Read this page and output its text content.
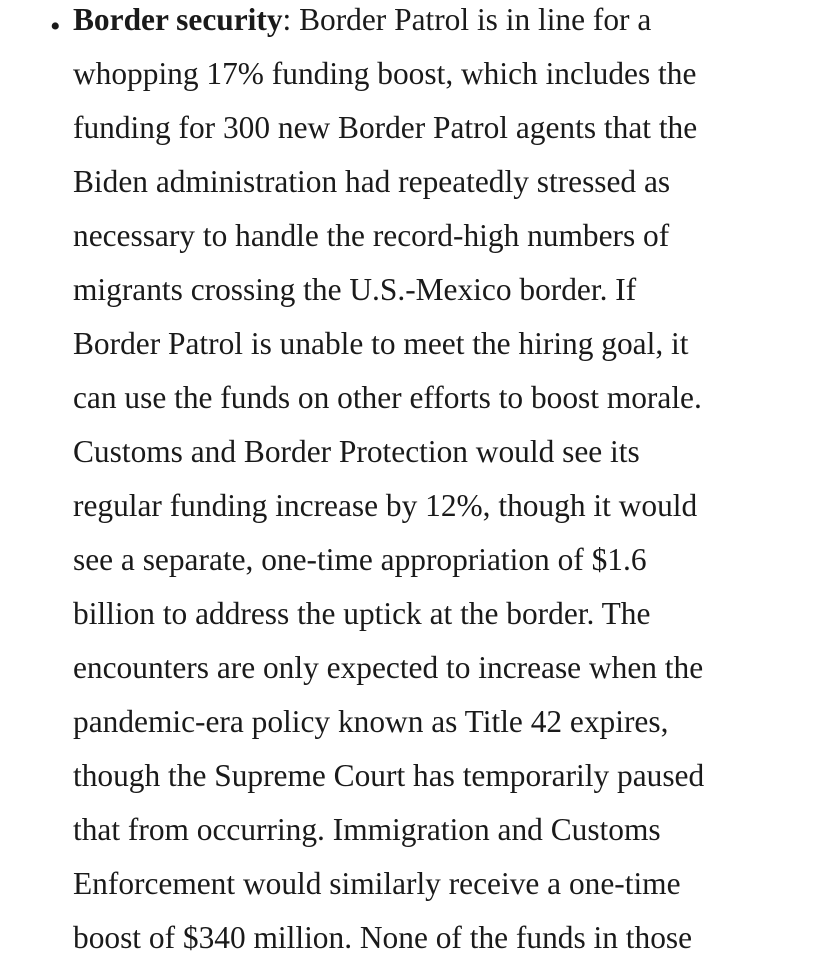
• Border security: Border Patrol is in line for a
whopping 17% funding boost, which includes the
funding for 300 new Border Patrol agents that the
Biden administration had repeatedly stressed as
necessary to handle the record-high numbers of
migrants crossing the U.S.-Mexico border. If
Border Patrol is unable to meet the hiring goal, it
can use the funds on other efforts to boost morale.
Customs and Border Protection would see its
regular funding increase by 12%, though it would
see a separate, one-time appropriation of $1.6
billion to address the uptick at the border. The
encounters are only expected to increase when the
pandemic-era policy known as Title 42 expires,
though the Supreme Court has temporarily paused
that from occurring. Immigration and Customs
Enforcement would similarly receive a one-time
boost of $340 million. None of the funds in those
